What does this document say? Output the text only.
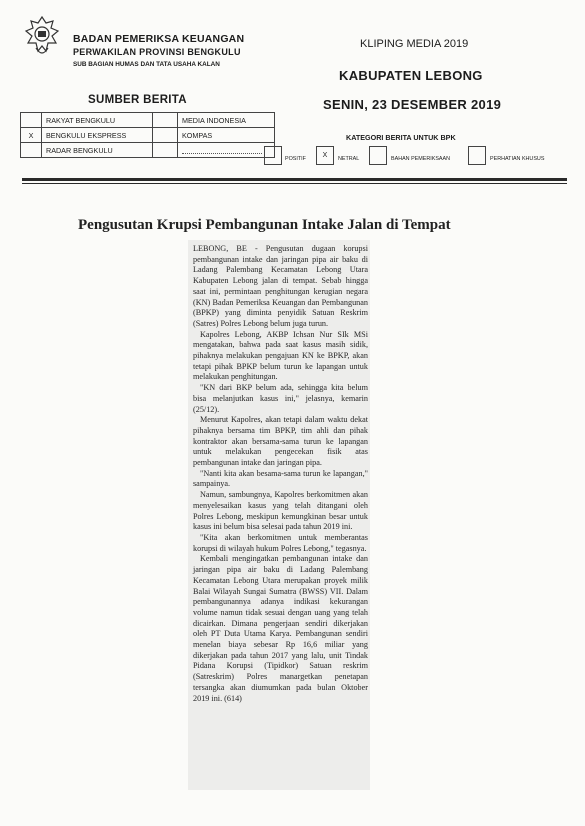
BADAN PEMERIKSA KEUANGAN
PERWAKILAN PROVINSI BENGKULU
SUB BAGIAN HUMAS DAN TATA USAHA KALAN
KLIPING MEDIA 2019
KABUPATEN LEBONG
SENIN, 23 DESEMBER 2019
SUMBER BERITA
	RAKYAT BENGKULU		MEDIA INDONESIA
X	BENGKULU EKSPRESS		KOMPAS
	RADAR BENGKULU		
KATEGORI BERITA UNTUK BPK
POSITIF	X	NETRAL	BAHAN PEMERIKSAAN	PERHATIAN KHUSUS
Pengusutan Krupsi Pembangunan Intake Jalan di Tempat

LEBONG, BE - Pengusutan dugaan korupsi pembangunan intake dan jaringan pipa air baku di Ladang Palembang Kecamatan Lebong Utara Kabupaten Lebong jalan di tempat. Sebab hingga saat ini, permintaan penghitungan kerugian negara (KN) Badan Pemeriksa Keuangan dan Pembangunan (BPKP) yang diminta penyidik Satuan Reskrim (Satres) Polres Lebong belum juga turun.

Kapolres Lebong, AKBP Ichsan Nur SIk MSi mengatakan, bahwa pada saat kasus masih sidik, pihaknya melakukan pengajuan KN ke BPKP, akan tetapi pihak BPKP belum turun ke lapangan untuk melakukan penghitungan.

"KN dari BKP belum ada, sehingga kita belum bisa melanjutkan kasus ini," jelasnya, kemarin (25/12).

Menurut Kapolres, akan tetapi dalam waktu dekat pihaknya bersama tim BPKP, tim ahli dan pihak kontraktor akan bersama-sama turun ke lapangan untuk melakukan pengecekan fisik atas pembangunan intake dan jaringan pipa.

"Nanti kita akan besama-sama turun ke lapangan," sampainya.

Namun, sambungnya, Kapolres berkomitmen akan menyelesaikan kasus yang telah ditangani oleh Polres Lebong, meskipun kemungkinan besar untuk kasus ini belum bisa selesai pada tahun 2019 ini.

"Kita akan berkomitmen untuk memberantas korupsi di wilayah hukum Polres Lebong," tegasnya.

Kembali mengingatkan pembangunan intake dan jaringan pipa air baku di Ladang Palembang Kecamatan Lebong Utara merupakan proyek milik Balai Wilayah Sungai Sumatra (BWSS) VII. Dalam pembangunannya adanya indikasi kekurangan volume namun tidak sesuai dengan uang yang telah dicairkan. Dimana pengerjaan sendiri dikerjakan oleh PT Duta Utama Karya. Pembangunan sendiri menelan biaya sebesar Rp 16,6 miliar yang dikerjakan pada tahun 2017 yang lalu, unit Tindak Pidana Korupsi (Tipidkor) Satuan reskrim (Satreskrim) Polres manargetkan penetapan tersangka akan diumumkan pada bulan Oktober 2019 ini. (614)
